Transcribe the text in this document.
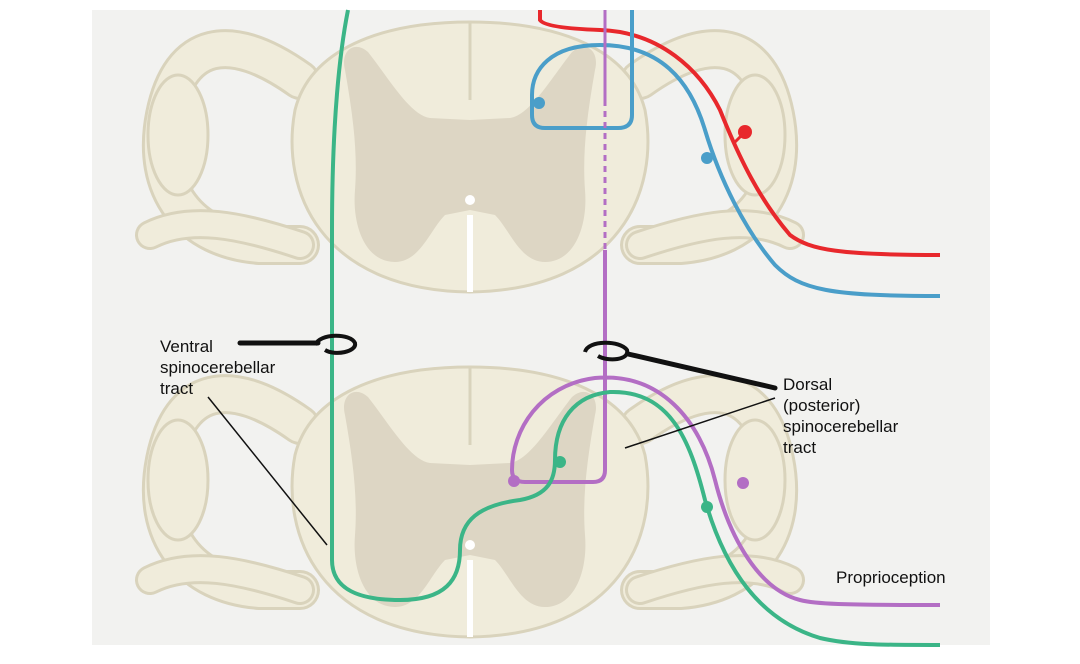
Ventral
spinocerebellar
tract	Dorsal
(posterior)
spinocerebellar
tract
Proprioception
